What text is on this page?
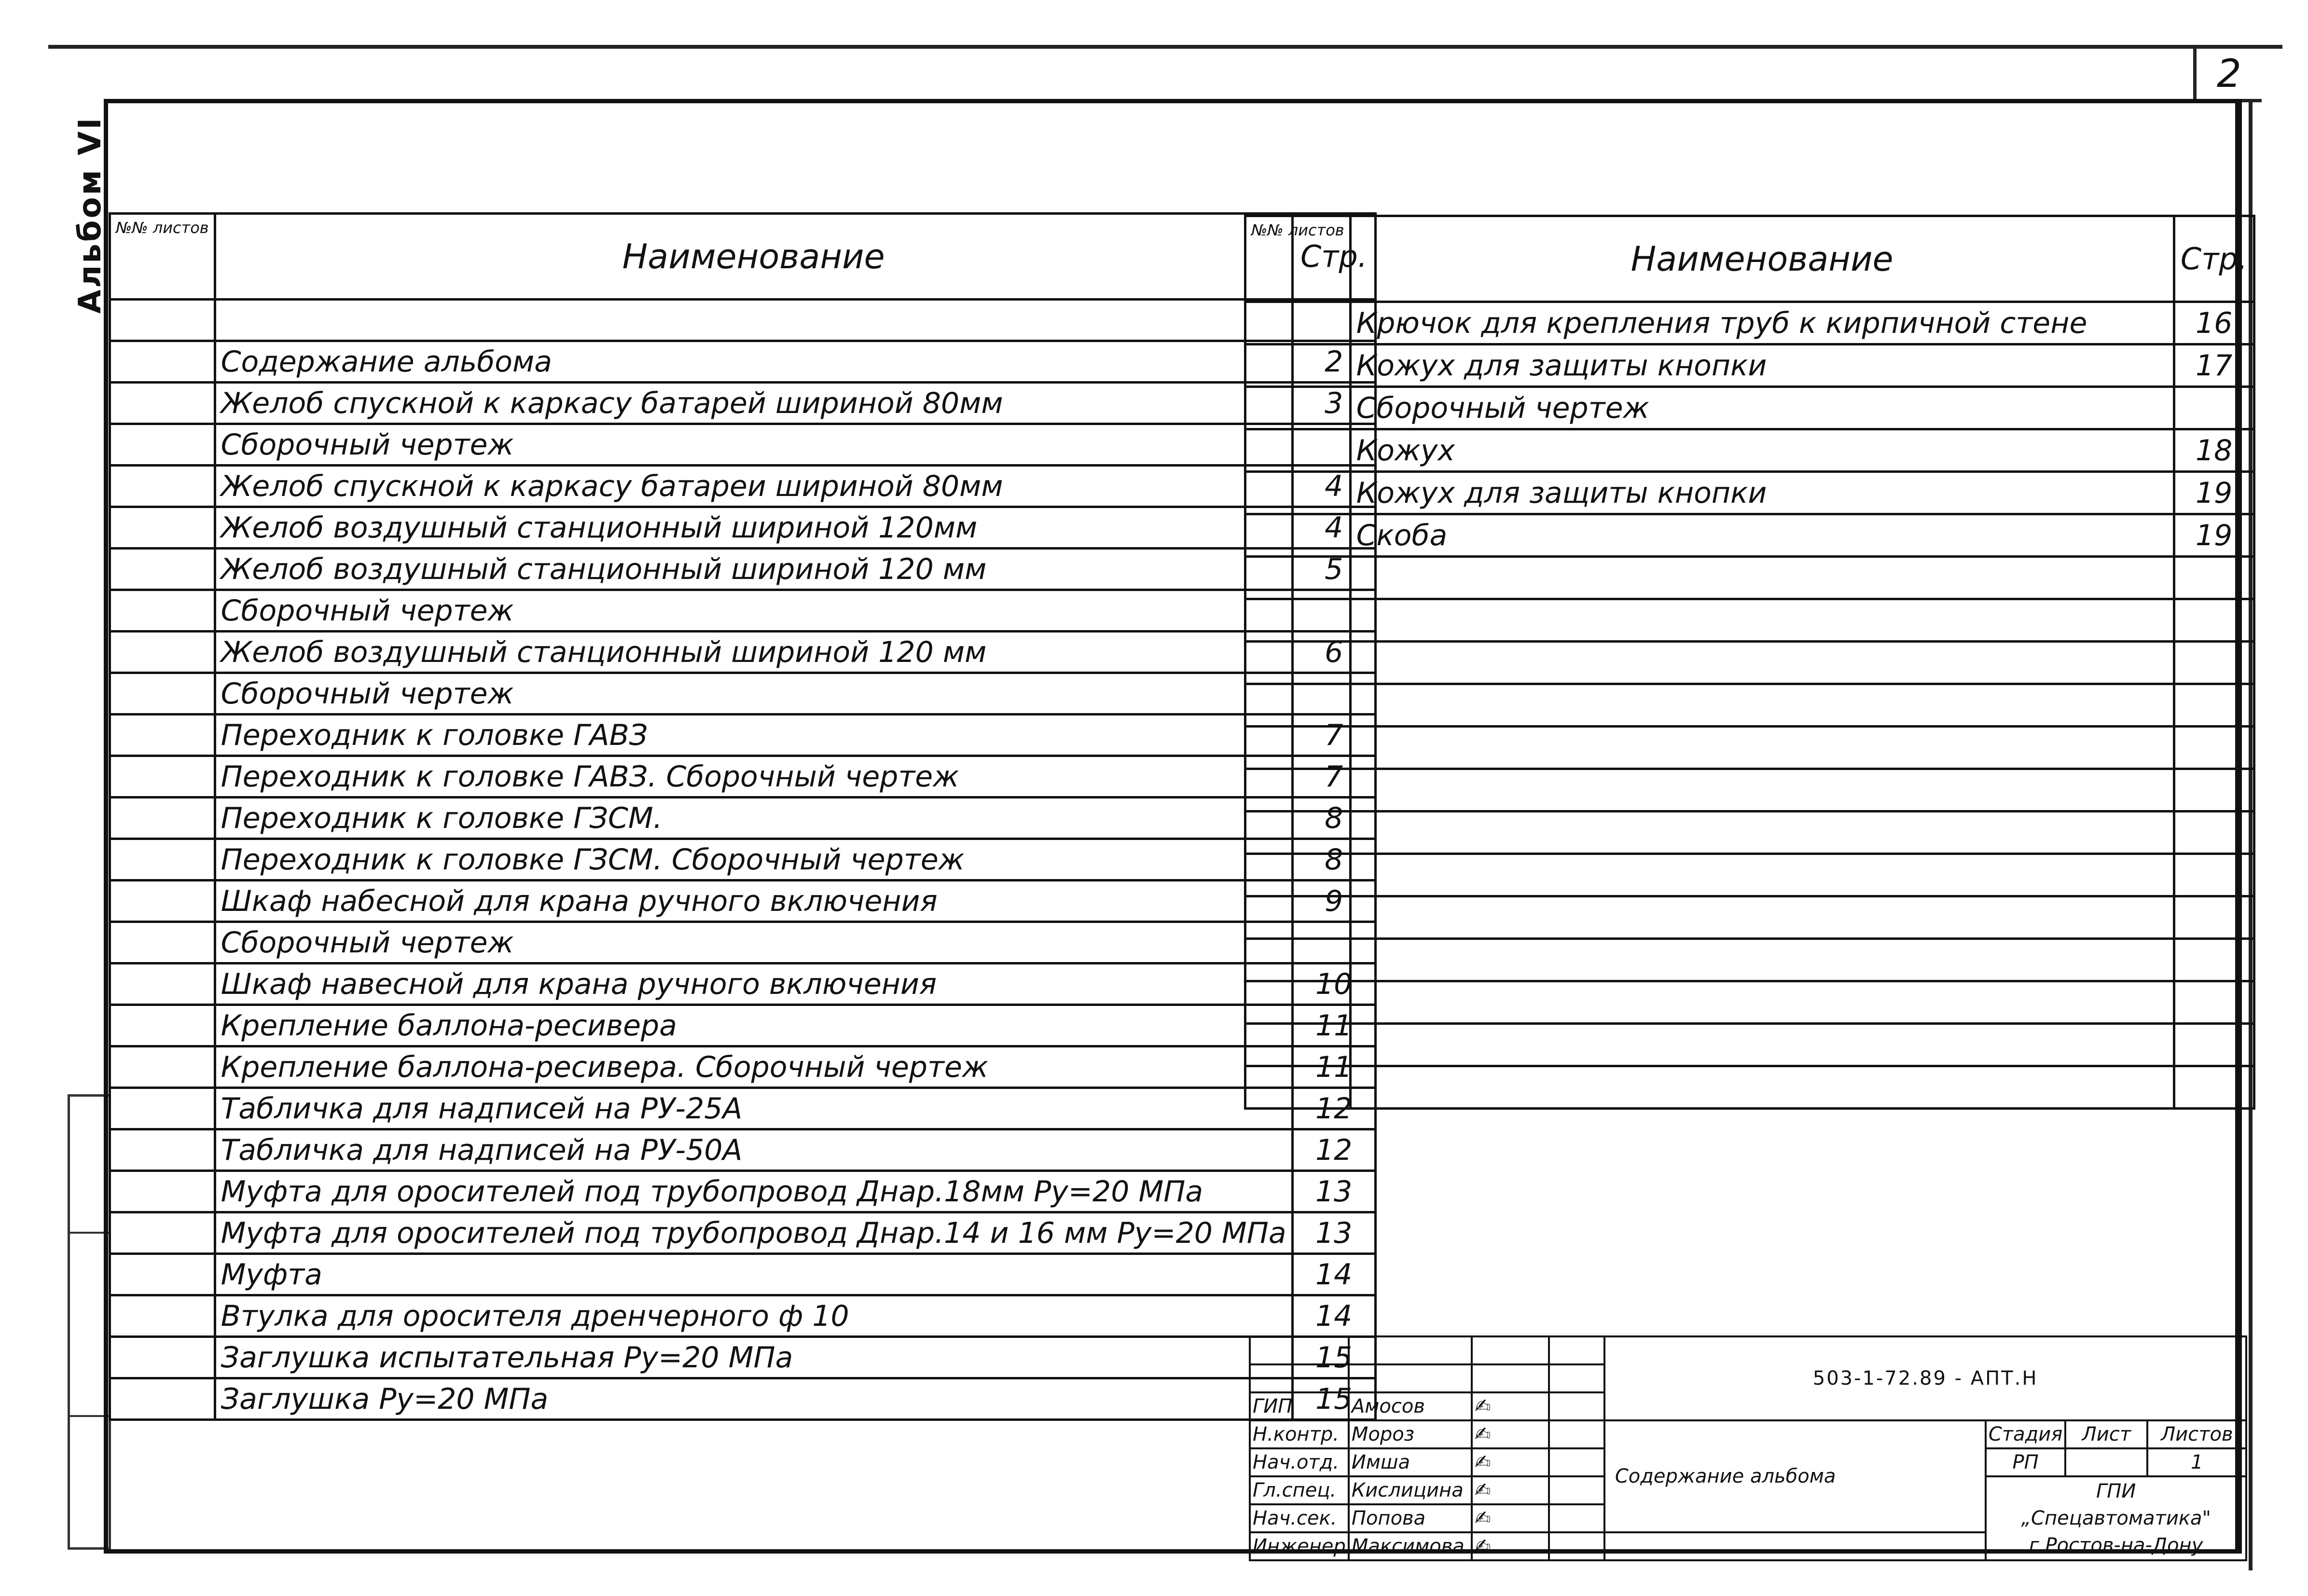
2
Альбом VI №№ листов	Наименование	Стр.

	Содержание альбома	2
	Желоб спускной к каркасу батарей шириной 80мм	3
	Сборочный чертеж	
	Желоб спускной к каркасу батареи шириной 80мм	4
	Желоб воздушный станционный шириной 120мм	4
	Желоб воздушный станционный шириной 120 мм	5
	Сборочный чертеж	
	Желоб воздушный станционный шириной 120 мм	6
	Сборочный чертеж	
	Переходник к головке ГАВЗ	7
	Переходник к головке ГАВЗ. Сборочный чертеж	7
	Переходник к головке ГЗСМ.	8
	Переходник к головке ГЗСМ. Сборочный чертеж	8
	Шкаф набесной для крана ручного включения	9
	Сборочный чертеж	
	Шкаф навесной для крана ручного включения	10
	Крепление баллона-ресивера	11
	Крепление баллона-ресивера. Сборочный чертеж	11
	Табличка для надписей на РУ-25А	12
	Табличка для надписей на РУ-50А	12
	Муфта для оросителей под трубопровод Днар.18мм Ру=20 МПа	13
	Муфта для оросителей под трубопровод Днар.14 и 16 мм Ру=20 МПа	13
	Муфта	14
	Втулка для оросителя дренчерного ф 10	14
	Заглушка испытательная Ру=20 МПа	15
	Заглушка Ру=20 МПа	15
№№ листов	Наименование	Стр.
	Крючок для крепления труб к кирпичной стене	16
	Кожух для защиты кнопки	17
	Сборочный чертеж	
	Кожух	18
	Кожух для защиты кнопки	19
	Скоба	19

				503-1-72.89 - АПТ.Н			

ГИП	Амосов	✍					
Н.контр.	Мороз	✍		Содержание альбома	Стадия	Лист	Листов
Нач.отд.	Имша	✍			РП		1
Гл.спец.	Кислицина	✍			ГПИ
„Спецавтоматика"
г.Ростов-на-Дону		

Нач.сек.	Попова	✍					
Инженер	Максимова	✍					
